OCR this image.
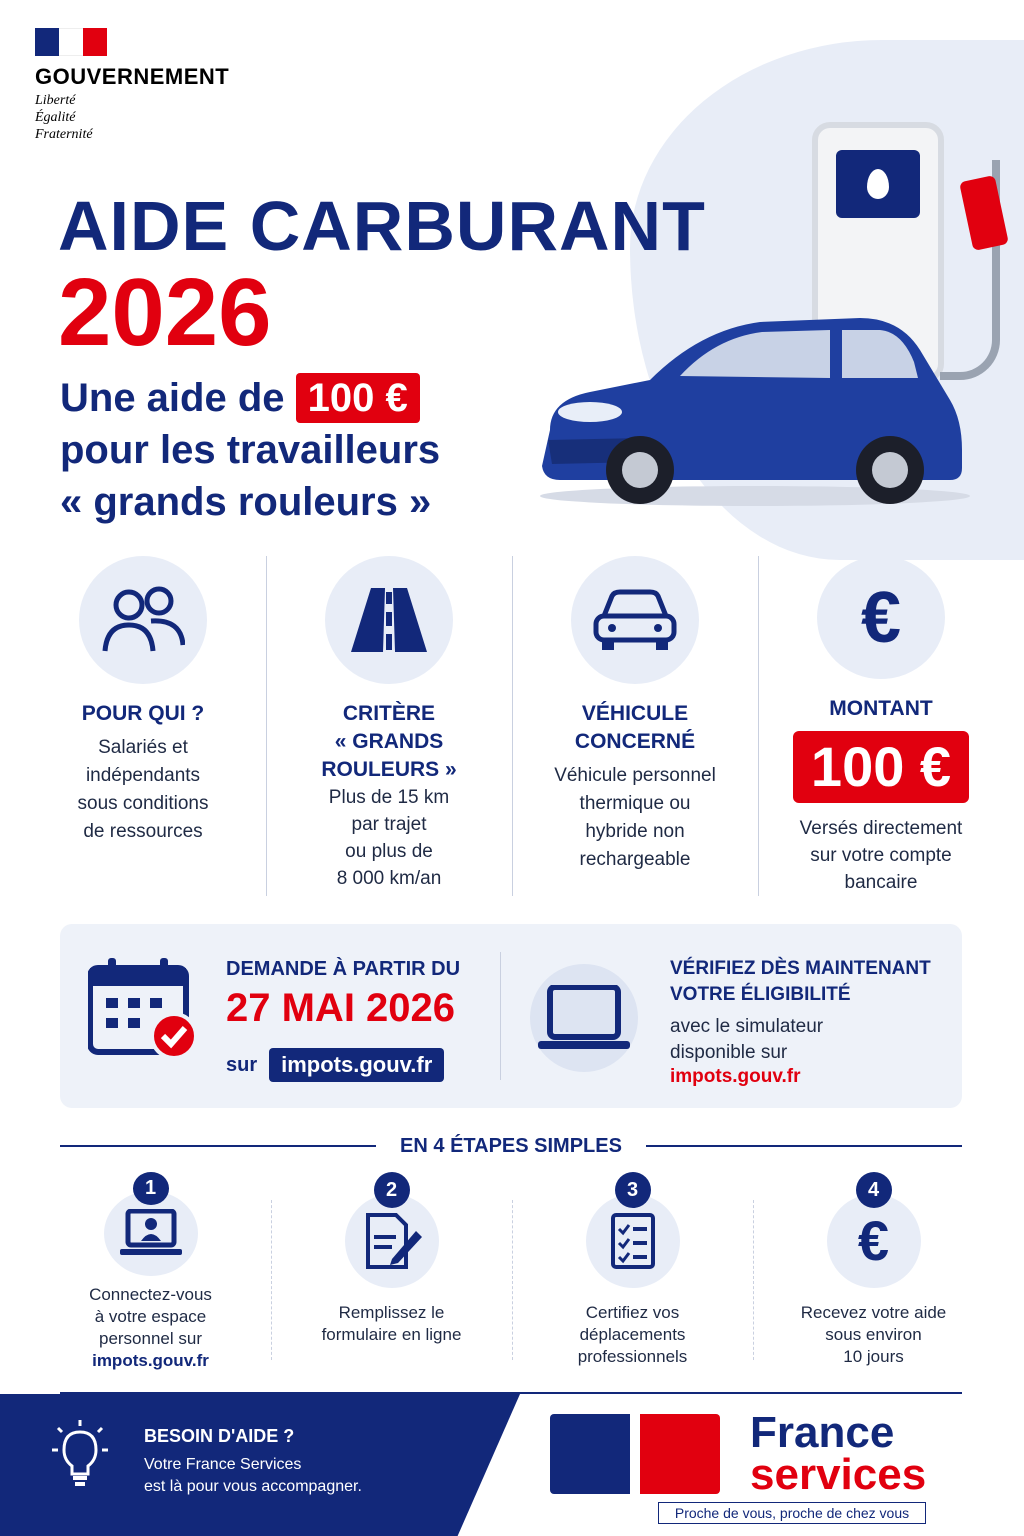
GOUVERNEMENT
Liberté
Égalité
Fraternité
AIDE CARBURANT
2026
Une aide de 100 €
pour les travailleurs
« grands rouleurs »
POUR QUI ?
Salariés et
indépendants
sous conditions
de ressources
CRITÈRE
« GRANDS
ROULEURS »
Plus de 15 km
par trajet
ou plus de
8 000 km/an
VÉHICULE
CONCERNÉ
Véhicule personnel
thermique ou
hybride non
rechargeable
€
MONTANT
100 €
Versés directement
sur votre compte
bancaire
DEMANDE À PARTIR DU
27 MAI 2026
sur	impots.gouv.fr
VÉRIFIEZ DÈS MAINTENANT
VOTRE ÉLIGIBILITÉ
avec le simulateur
disponible sur
impots.gouv.fr
EN 4 ÉTAPES SIMPLES
1
Connectez-vous
à votre espace
personnel sur
impots.gouv.fr
2
Remplissez le
formulaire en ligne
3
Certifiez vos
déplacements
professionnels
4
€
Recevez votre aide
sous environ
10 jours
BESOIN D'AIDE ?
Votre France Services
est là pour vous accompagner.
France
services
Proche de vous, proche de chez vous
